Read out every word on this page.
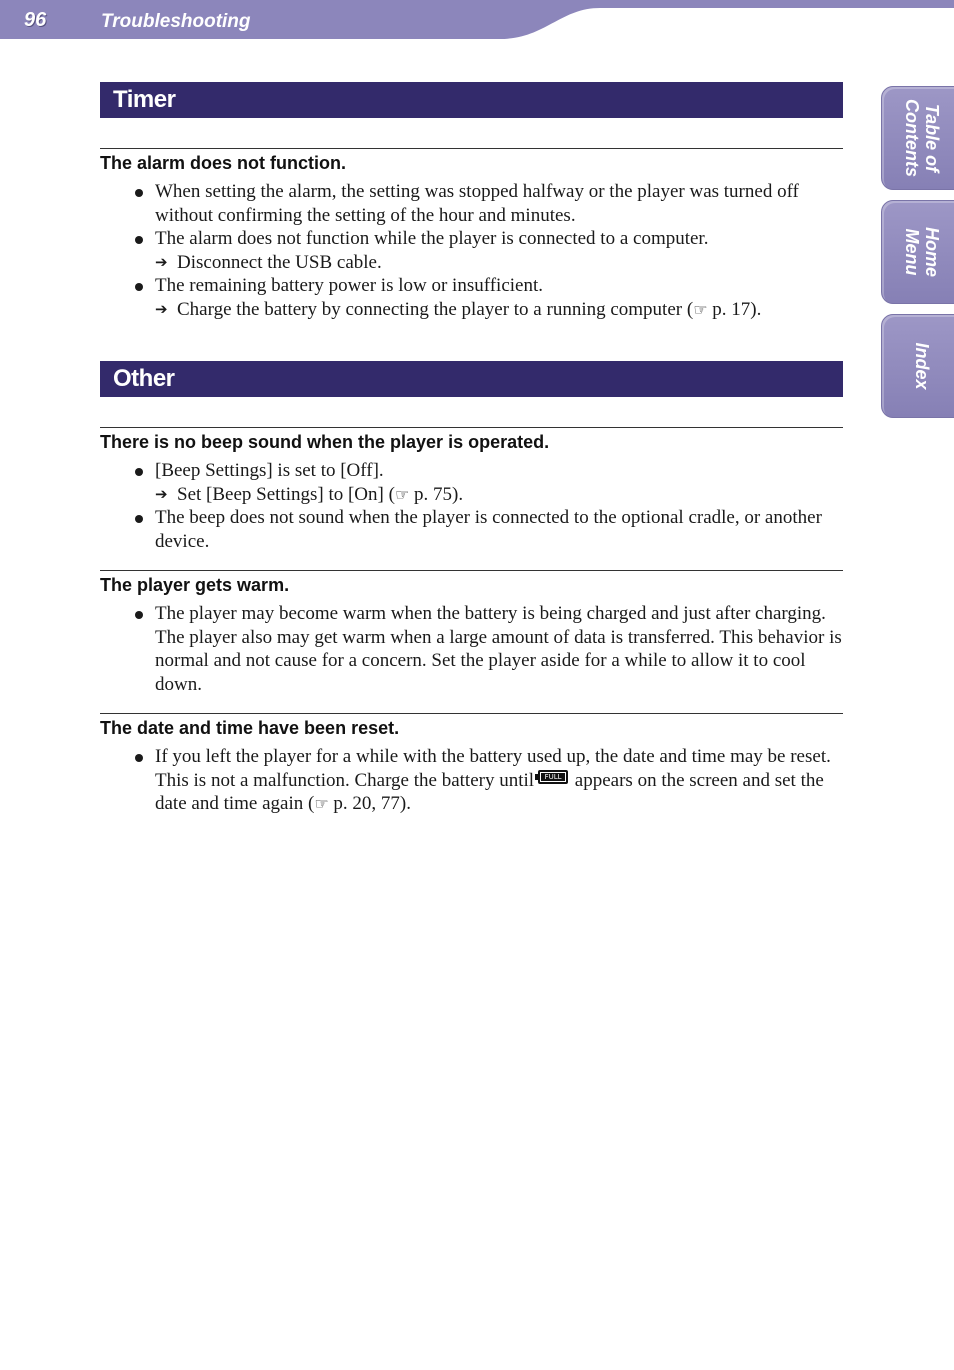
96	Troubleshooting
Table of
Contents
Home
Menu
Index
Timer
The alarm does not function.
When setting the alarm, the setting was stopped halfway or the player was turned off without confirming the setting of the hour and minutes.
The alarm does not function while the player is connected to a computer.
➔ Disconnect the USB cable.
The remaining battery power is low or insufficient.
➔ Charge the battery by connecting the player to a running computer (☞ p. 17).
Other
There is no beep sound when the player is operated.
[Beep Settings] is set to [Off].
➔ Set [Beep Settings] to [On] (☞ p. 75).
The beep does not sound when the player is connected to the optional cradle, or another device.
The player gets warm.
The player may become warm when the battery is being charged and just after charging. The player also may get warm when a large amount of data is transferred. This behavior is normal and not cause for a concern. Set the player aside for a while to allow it to cool down.
The date and time have been reset.
If you left the player for a while with the battery used up, the date and time may be reset. This is not a malfunction. Charge the battery until	FULL appears on the screen and set the date and time again (☞ p. 20, 77).
